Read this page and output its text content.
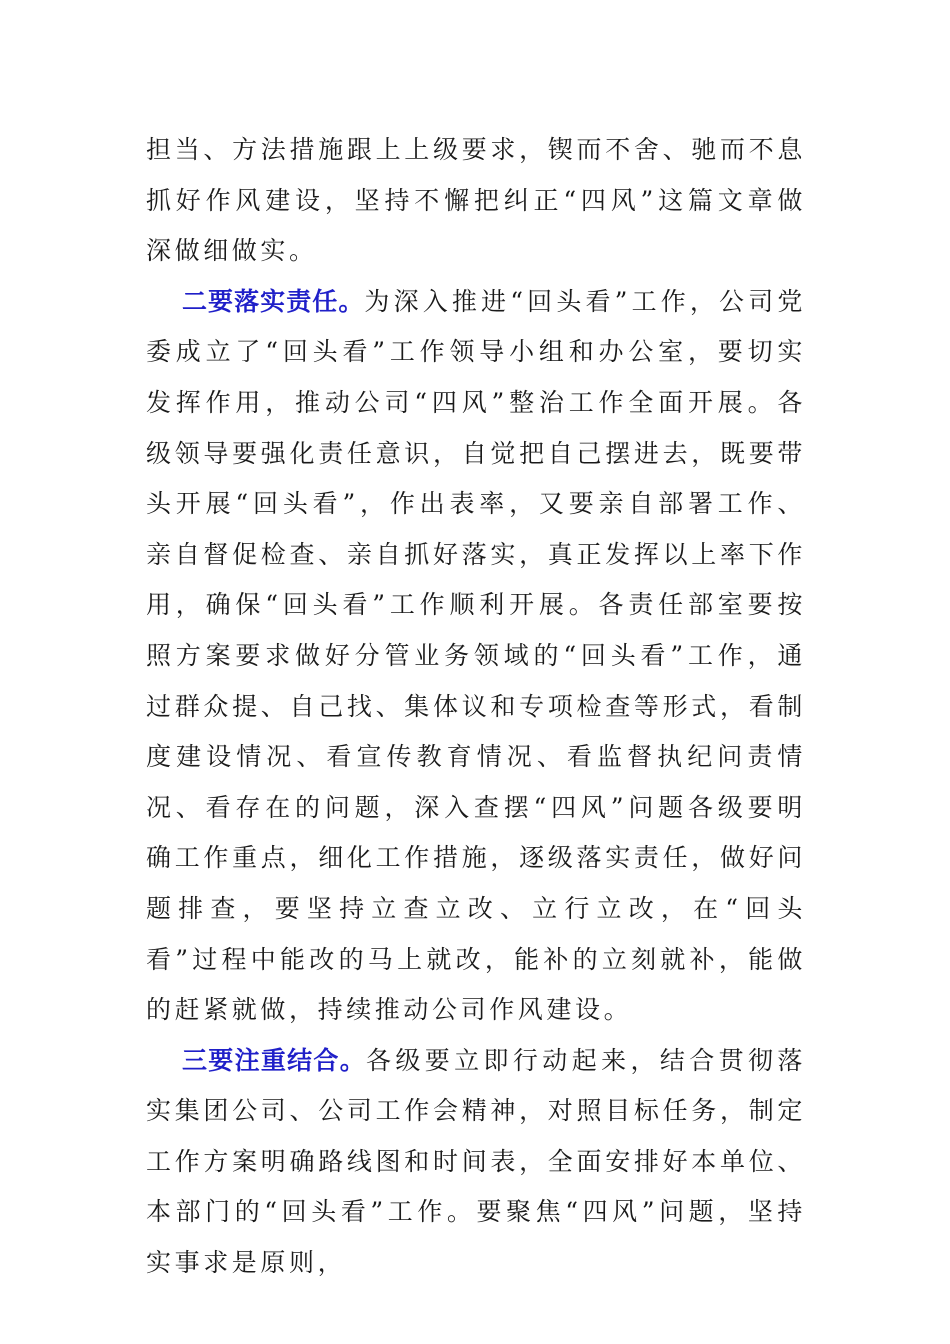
担当、方法措施跟上上级要求，锲而不舍、驰而不息抓好作风建设，坚持不懈把纠正“四风”这篇文章做深做细做实。

二要落实责任。为深入推进“回头看”工作，公司党委成立了“回头看”工作领导小组和办公室，要切实发挥作用，推动公司“四风”整治工作全面开展。各级领导要强化责任意识，自觉把自己摆进去，既要带头开展“回头看”，作出表率，又要亲自部署工作、亲自督促检查、亲自抓好落实，真正发挥以上率下作用，确保“回头看”工作顺利开展。各责任部室要按照方案要求做好分管业务领域的“回头看”工作，通过群众提、自己找、集体议和专项检查等形式，看制度建设情况、看宣传教育情况、看监督执纪问责情况、看存在的问题，深入查摆“四风”问题各级要明确工作重点，细化工作措施，逐级落实责任，做好问题排查，要坚持立查立改、立行立改，在“回头看”过程中能改的马上就改，能补的立刻就补，能做的赶紧就做，持续推动公司作风建设。

三要注重结合。各级要立即行动起来，结合贯彻落实集团公司、公司工作会精神，对照目标任务，制定工作方案明确路线图和时间表，全面安排好本单位、本部门的“回头看”工作。要聚焦“四风”问题，坚持实事求是原则，
